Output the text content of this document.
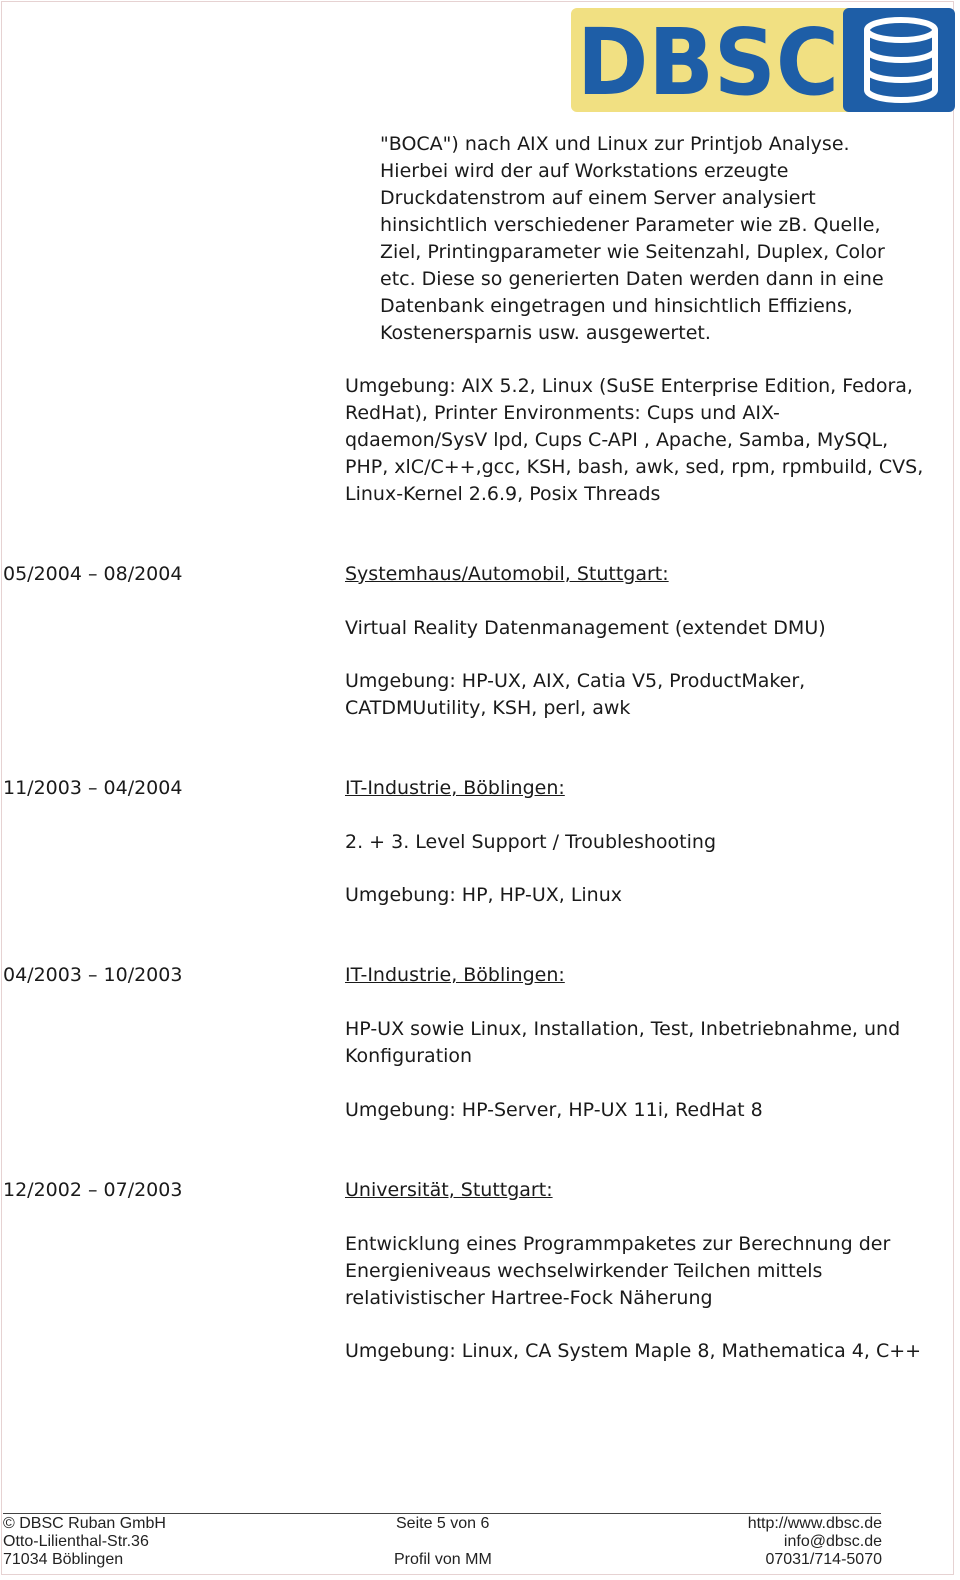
DBSC
"BOCA") nach AIX und Linux zur Printjob Analyse.
Hierbei wird der auf Workstations erzeugte
Druckdatenstrom auf einem Server analysiert
hinsichtlich verschiedener Parameter wie zB. Quelle,
Ziel, Printingparameter wie Seitenzahl, Duplex, Color
etc. Diese so generierten Daten werden dann in eine
Datenbank eingetragen und hinsichtlich Effiziens,
Kostenersparnis usw. ausgewertet.
Umgebung: AIX 5.2, Linux (SuSE Enterprise Edition, Fedora,
RedHat), Printer Environments: Cups und AIX-
qdaemon/SysV lpd, Cups C-API , Apache, Samba, MySQL,
PHP, xlC/C++,gcc, KSH, bash, awk, sed, rpm, rpmbuild, CVS,
Linux-Kernel 2.6.9, Posix Threads
05/2004 – 08/2004	Systemhaus/Automobil, Stuttgart:
Virtual Reality Datenmanagement (extendet DMU)
Umgebung: HP-UX, AIX, Catia V5, ProductMaker,
CATDMUutility, KSH, perl, awk
11/2003 – 04/2004	IT-Industrie, Böblingen:
2. + 3. Level Support / Troubleshooting
Umgebung: HP, HP-UX, Linux
04/2003 – 10/2003	IT-Industrie, Böblingen:
HP-UX sowie Linux, Installation, Test, Inbetriebnahme, und
Konfiguration
Umgebung: HP-Server, HP-UX 11i, RedHat 8
12/2002 – 07/2003	Universität, Stuttgart:
Entwicklung eines Programmpaketes zur Berechnung der
Energieniveaus wechselwirkender Teilchen mittels
relativistischer Hartree-Fock Näherung
Umgebung: Linux, CA System Maple 8, Mathematica 4, C++
© DBSC Ruban GmbH
Otto-Lilienthal-Str.36
71034 Böblingen
Seite 5 von 6
Profil von MM
http://www.dbsc.de
info@dbsc.de
07031/714-5070
